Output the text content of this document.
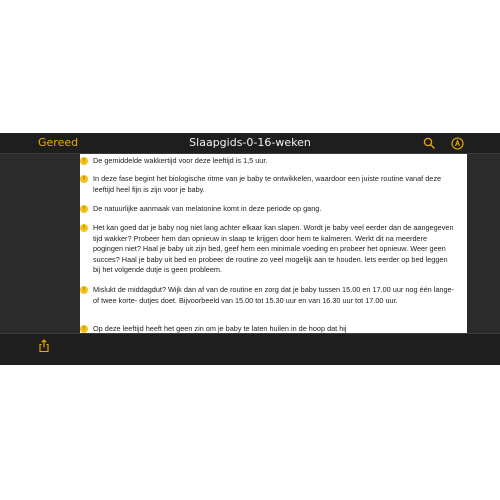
Gereed	Slaapgids-0-16-weken
!	De gemiddelde wakkertijd voor deze leeftijd is 1,5 uur.
!	In deze fase begint het biologische ritme van je baby te ontwikkelen, waardoor een juiste routine vanaf deze leeftijd heel fijn is zijn voor je baby.
!	De natuurlijke aanmaak van melatonine komt in deze periode op gang.
!	Het kan goed dat je baby nog niet lang achter elkaar kan slapen. Wordt je baby veel eerder dan de aangegeven tijd wakker? Probeer hem dan opnieuw in slaap te krijgen door hem te kalmeren. Werkt dit na meerdere pogingen niet? Haal je baby uit zijn bed, geef hem een minimale voeding en probeer het opnieuw. Weer geen succes? Haal je baby uit bed en probeer de routine zo veel mogelijk aan te houden. lets eerder op bed leggen bij het volgende dutje is geen probleem.
!	Mislukt de middagdut? Wijk dan af van de routine en zorg dat je baby tussen 15.00 en 17.00 uur nog één lange- of twee korte- dutjes doet. Bijvoorbeeld van 15.00 tot 15.30 uur en van 16.30 uur tot 17.00 uur.
!	Op deze leeftijd heeft het geen zin om je baby te laten huilen in de hoop dat hij
